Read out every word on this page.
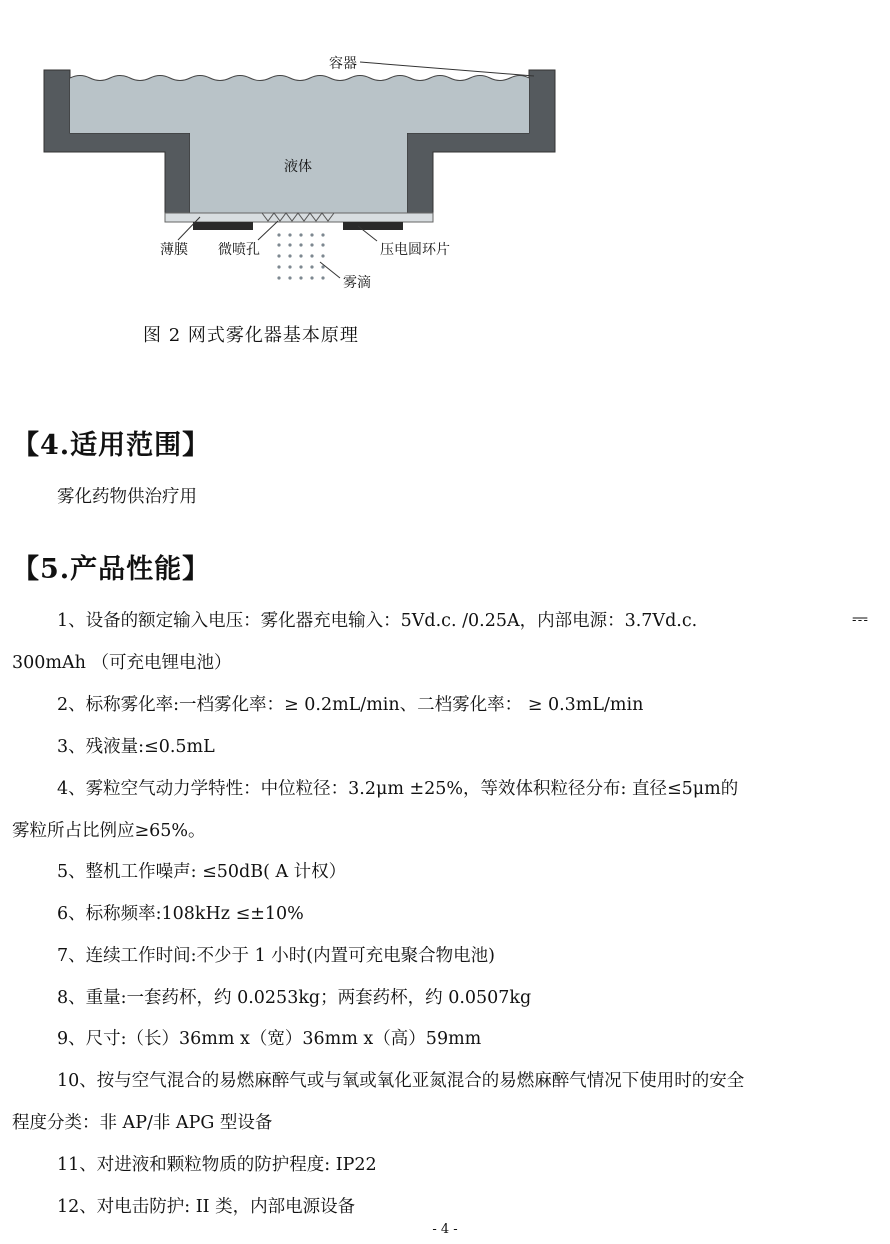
容器
液体
薄膜 微喷孔	压电圆环片
雾滴
图 2 网式雾化器基本原理
【4.适用范围】
雾化药物供治疗用
【5.产品性能】
1、设备的额定输入电压：雾化器充电输入：5Vd.c. /0.25A，内部电源：3.7Vd.c.	⎓
300mAh （可充电锂电池）
2、标称雾化率:一档雾化率：≥ 0.2mL/min、二档雾化率： ≥ 0.3mL/min
3、残液量:≤0.5mL
4、雾粒空气动力学特性：中位粒径：3.2μm ±25%，等效体积粒径分布: 直径≤5μm的
雾粒所占比例应≥65%。
5、整机工作噪声: ≤50dB( A 计权）
6、标称频率:108kHz ≤±10%
7、连续工作时间:不少于 1 小时(内置可充电聚合物电池)
8、重量:一套药杯，约 0.0253kg；两套药杯，约 0.0507kg
9、尺寸:（长）36mm x（宽）36mm x（高）59mm
10、按与空气混合的易燃麻醉气或与氧或氧化亚氮混合的易燃麻醉气情况下使用时的安全
程度分类：非 AP/非 APG 型设备
11、对进液和颗粒物质的防护程度: IP22
12、对电击防护: II 类，内部电源设备
- 4 -
